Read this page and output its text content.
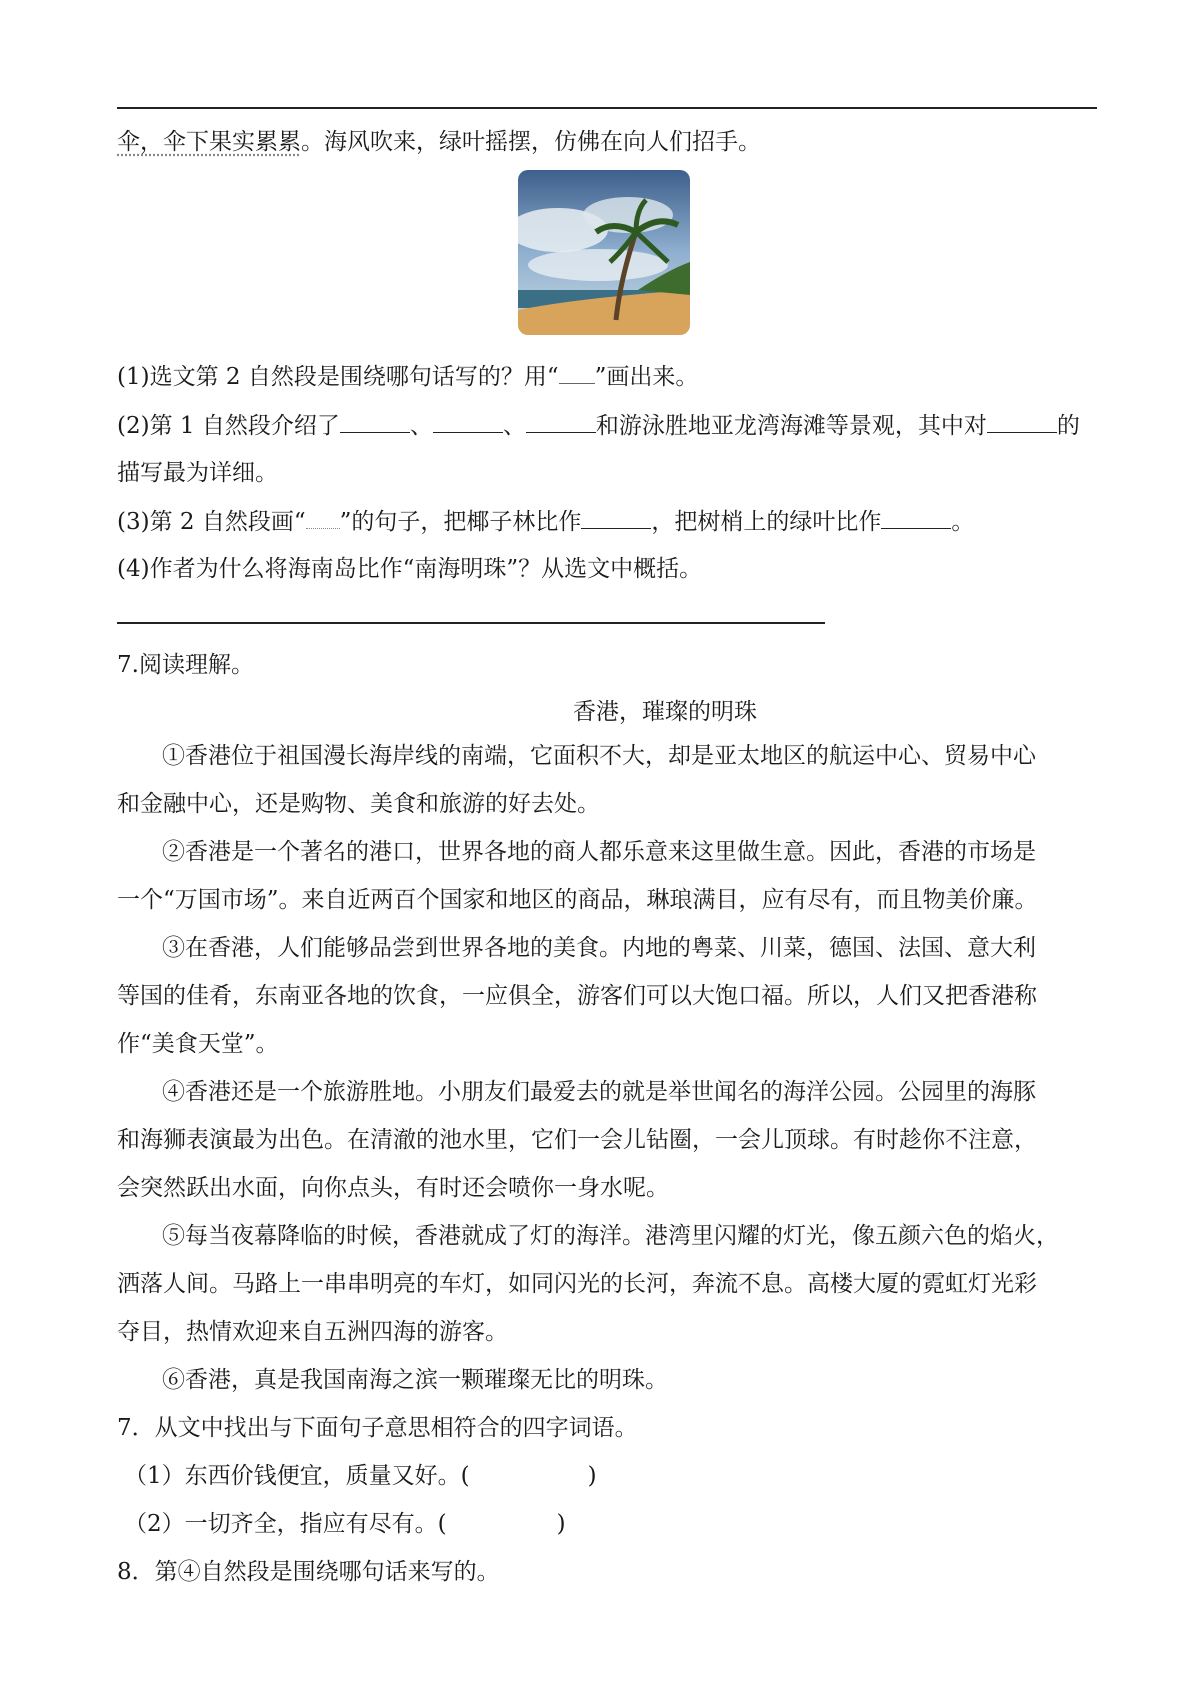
伞，伞下果实累累。海风吹来，绿叶摇摆，仿佛在向人们招手。
(1)选文第 2 自然段是围绕哪句话写的？用“ ”画出来。
(2)第 1 自然段介绍了	、	、	和游泳胜地亚龙湾海滩等景观，其中对	的
描写最为详细。
(3)第 2 自然段画“ ”的句子，把椰子林比作	，把树梢上的绿叶比作	。
(4)作者为什么将海南岛比作“南海明珠”？从选文中概括。
7.阅读理解。
香港，璀璨的明珠
①香港位于祖国漫长海岸线的南端，它面积不大，却是亚太地区的航运中心、贸易中心
和金融中心，还是购物、美食和旅游的好去处。
②香港是一个著名的港口，世界各地的商人都乐意来这里做生意。因此，香港的市场是
一个“万国市场”。来自近两百个国家和地区的商品，琳琅满目，应有尽有，而且物美价廉。
③在香港，人们能够品尝到世界各地的美食。内地的粤菜、川菜，德国、法国、意大利
等国的佳肴，东南亚各地的饮食，一应俱全，游客们可以大饱口福。所以，人们又把香港称
作“美食天堂”。
④香港还是一个旅游胜地。小朋友们最爱去的就是举世闻名的海洋公园。公园里的海豚
和海狮表演最为出色。在清澈的池水里，它们一会儿钻圈，一会儿顶球。有时趁你不注意，
会突然跃出水面，向你点头，有时还会喷你一身水呢。
⑤每当夜幕降临的时候，香港就成了灯的海洋。港湾里闪耀的灯光，像五颜六色的焰火，
洒落人间。马路上一串串明亮的车灯，如同闪光的长河，奔流不息。高楼大厦的霓虹灯光彩
夺目，热情欢迎来自五洲四海的游客。
⑥香港，真是我国南海之滨一颗璀璨无比的明珠。
7．从文中找出与下面句子意思相符合的四字词语。
（1）东西价钱便宜，质量又好。(	)
（2）一切齐全，指应有尽有。(	)
8．第④自然段是围绕哪句话来写的。
